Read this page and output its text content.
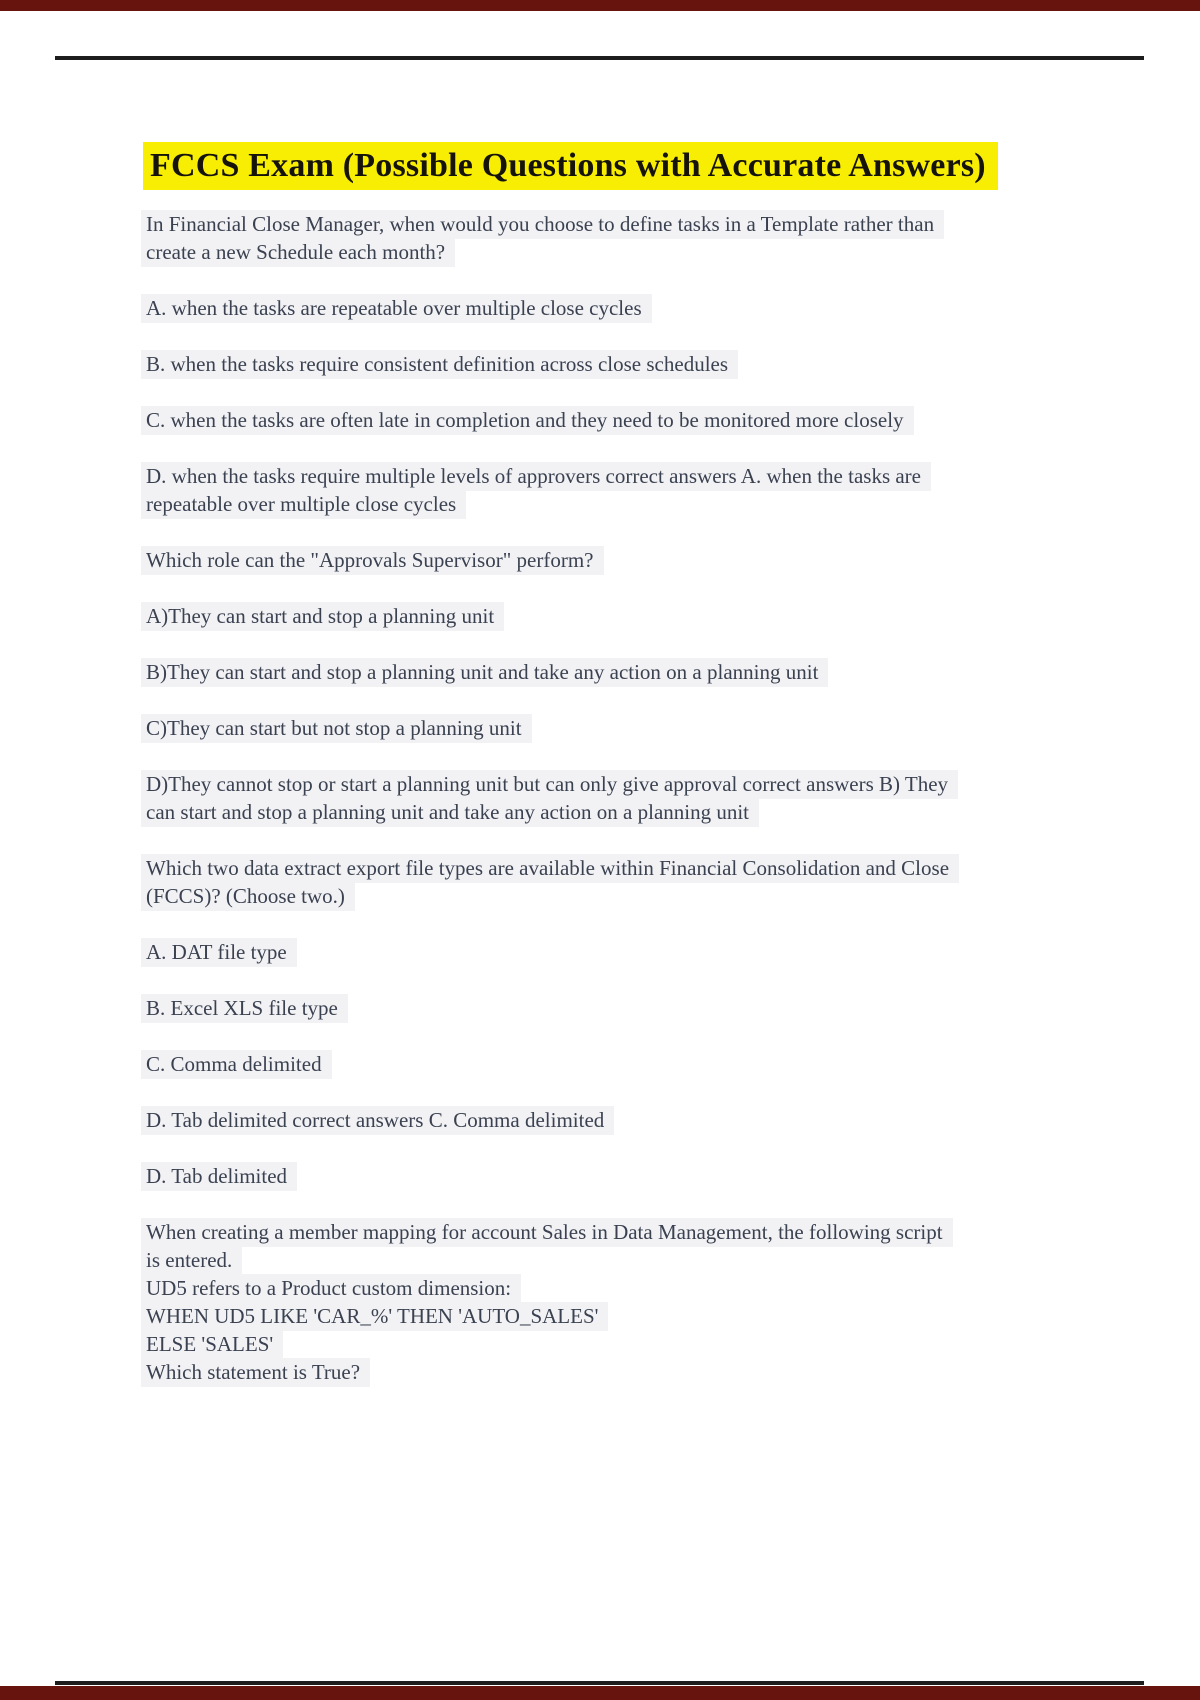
FCCS Exam (Possible Questions with Accurate Answers)
In Financial Close Manager, when would you choose to define tasks in a Template rather than
create a new Schedule each month?
A. when the tasks are repeatable over multiple close cycles
B. when the tasks require consistent definition across close schedules
C. when the tasks are often late in completion and they need to be monitored more closely
D. when the tasks require multiple levels of approvers correct answers A. when the tasks are
repeatable over multiple close cycles
Which role can the "Approvals Supervisor" perform?
A)They can start and stop a planning unit
B)They can start and stop a planning unit and take any action on a planning unit
C)They can start but not stop a planning unit
D)They cannot stop or start a planning unit but can only give approval correct answers B) They
can start and stop a planning unit and take any action on a planning unit
Which two data extract export file types are available within Financial Consolidation and Close
(FCCS)? (Choose two.)
A. DAT file type
B. Excel XLS file type
C. Comma delimited
D. Tab delimited correct answers C. Comma delimited
D. Tab delimited
When creating a member mapping for account Sales in Data Management, the following script
is entered.
UD5 refers to a Product custom dimension:
WHEN UD5 LIKE 'CAR_%' THEN 'AUTO_SALES'
ELSE 'SALES'
Which statement is True?
